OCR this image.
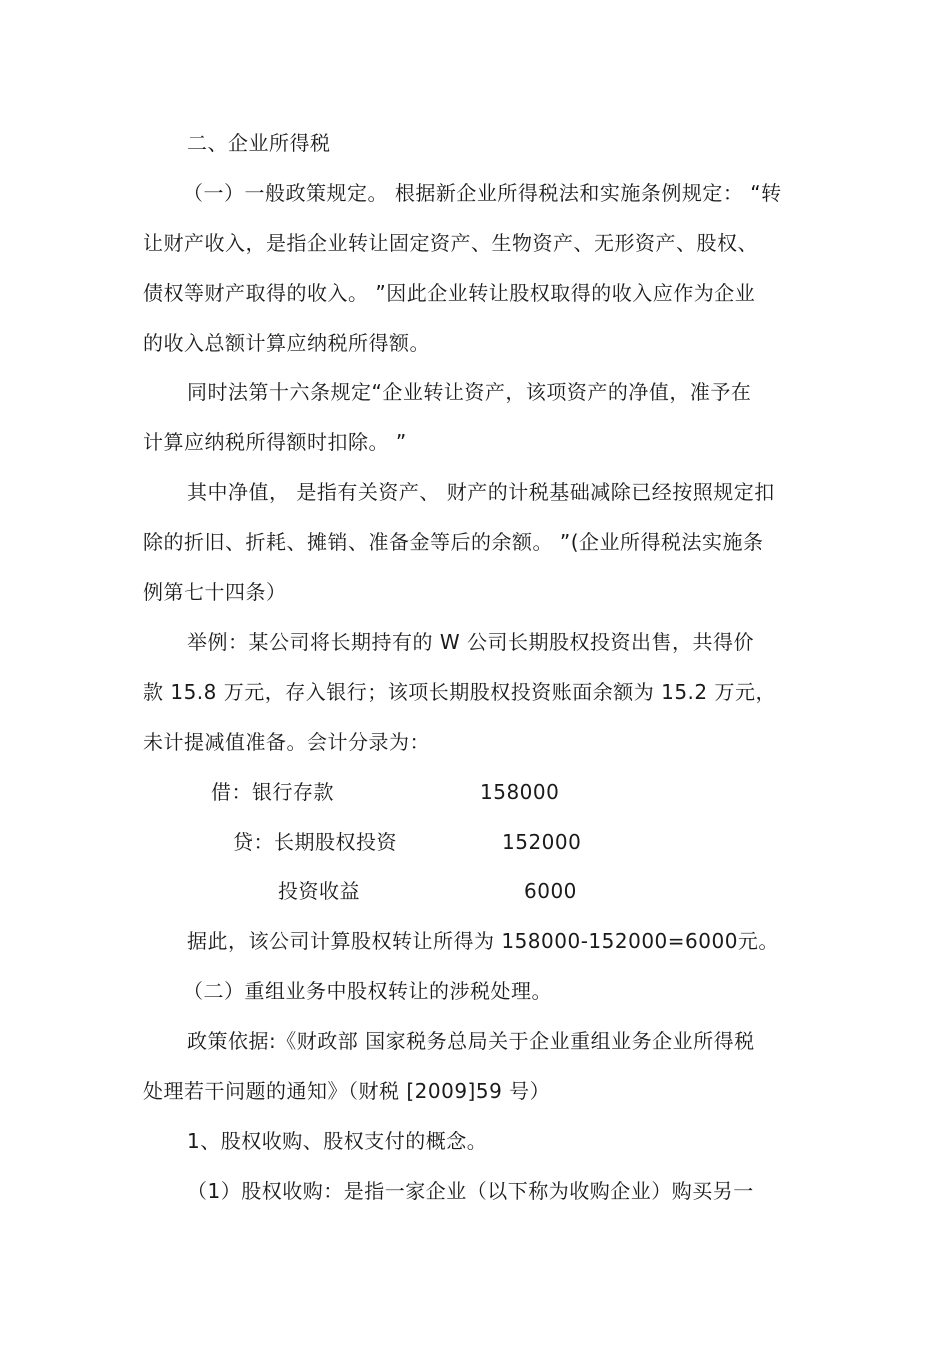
二、企业所得税
（一）一般政策规定。 根据新企业所得税法和实施条例规定： “转
让财产收入，是指企业转让固定资产、生物资产、无形资产、股权、
债权等财产取得的收入。 ”因此企业转让股权取得的收入应作为企业
的收入总额计算应纳税所得额。
同时法第十六条规定“企业转让资产，该项资产的净值，准予在
计算应纳税所得额时扣除。 ”
其中净值， 是指有关资产、 财产的计税基础减除已经按照规定扣
除的折旧、折耗、摊销、准备金等后的余额。 ”(企业所得税法实施条
例第七十四条）
举例：某公司将长期持有的 W 公司长期股权投资出售，共得价
款 15.8 万元，存入银行；该项长期股权投资账面余额为 15.2 万元，
未计提减值准备。会计分录为：
借：银行存款	158000
贷：长期股权投资	152000
投资收益	6000
据此，该公司计算股权转让所得为 158000-152000=6000元。
（二）重组业务中股权转让的涉税处理。
政策依据:《财政部 国家税务总局关于企业重组业务企业所得税
处理若干问题的通知》（财税 [2009]59 号）
1、股权收购、股权支付的概念。
（1）股权收购：是指一家企业（以下称为收购企业）购买另一
